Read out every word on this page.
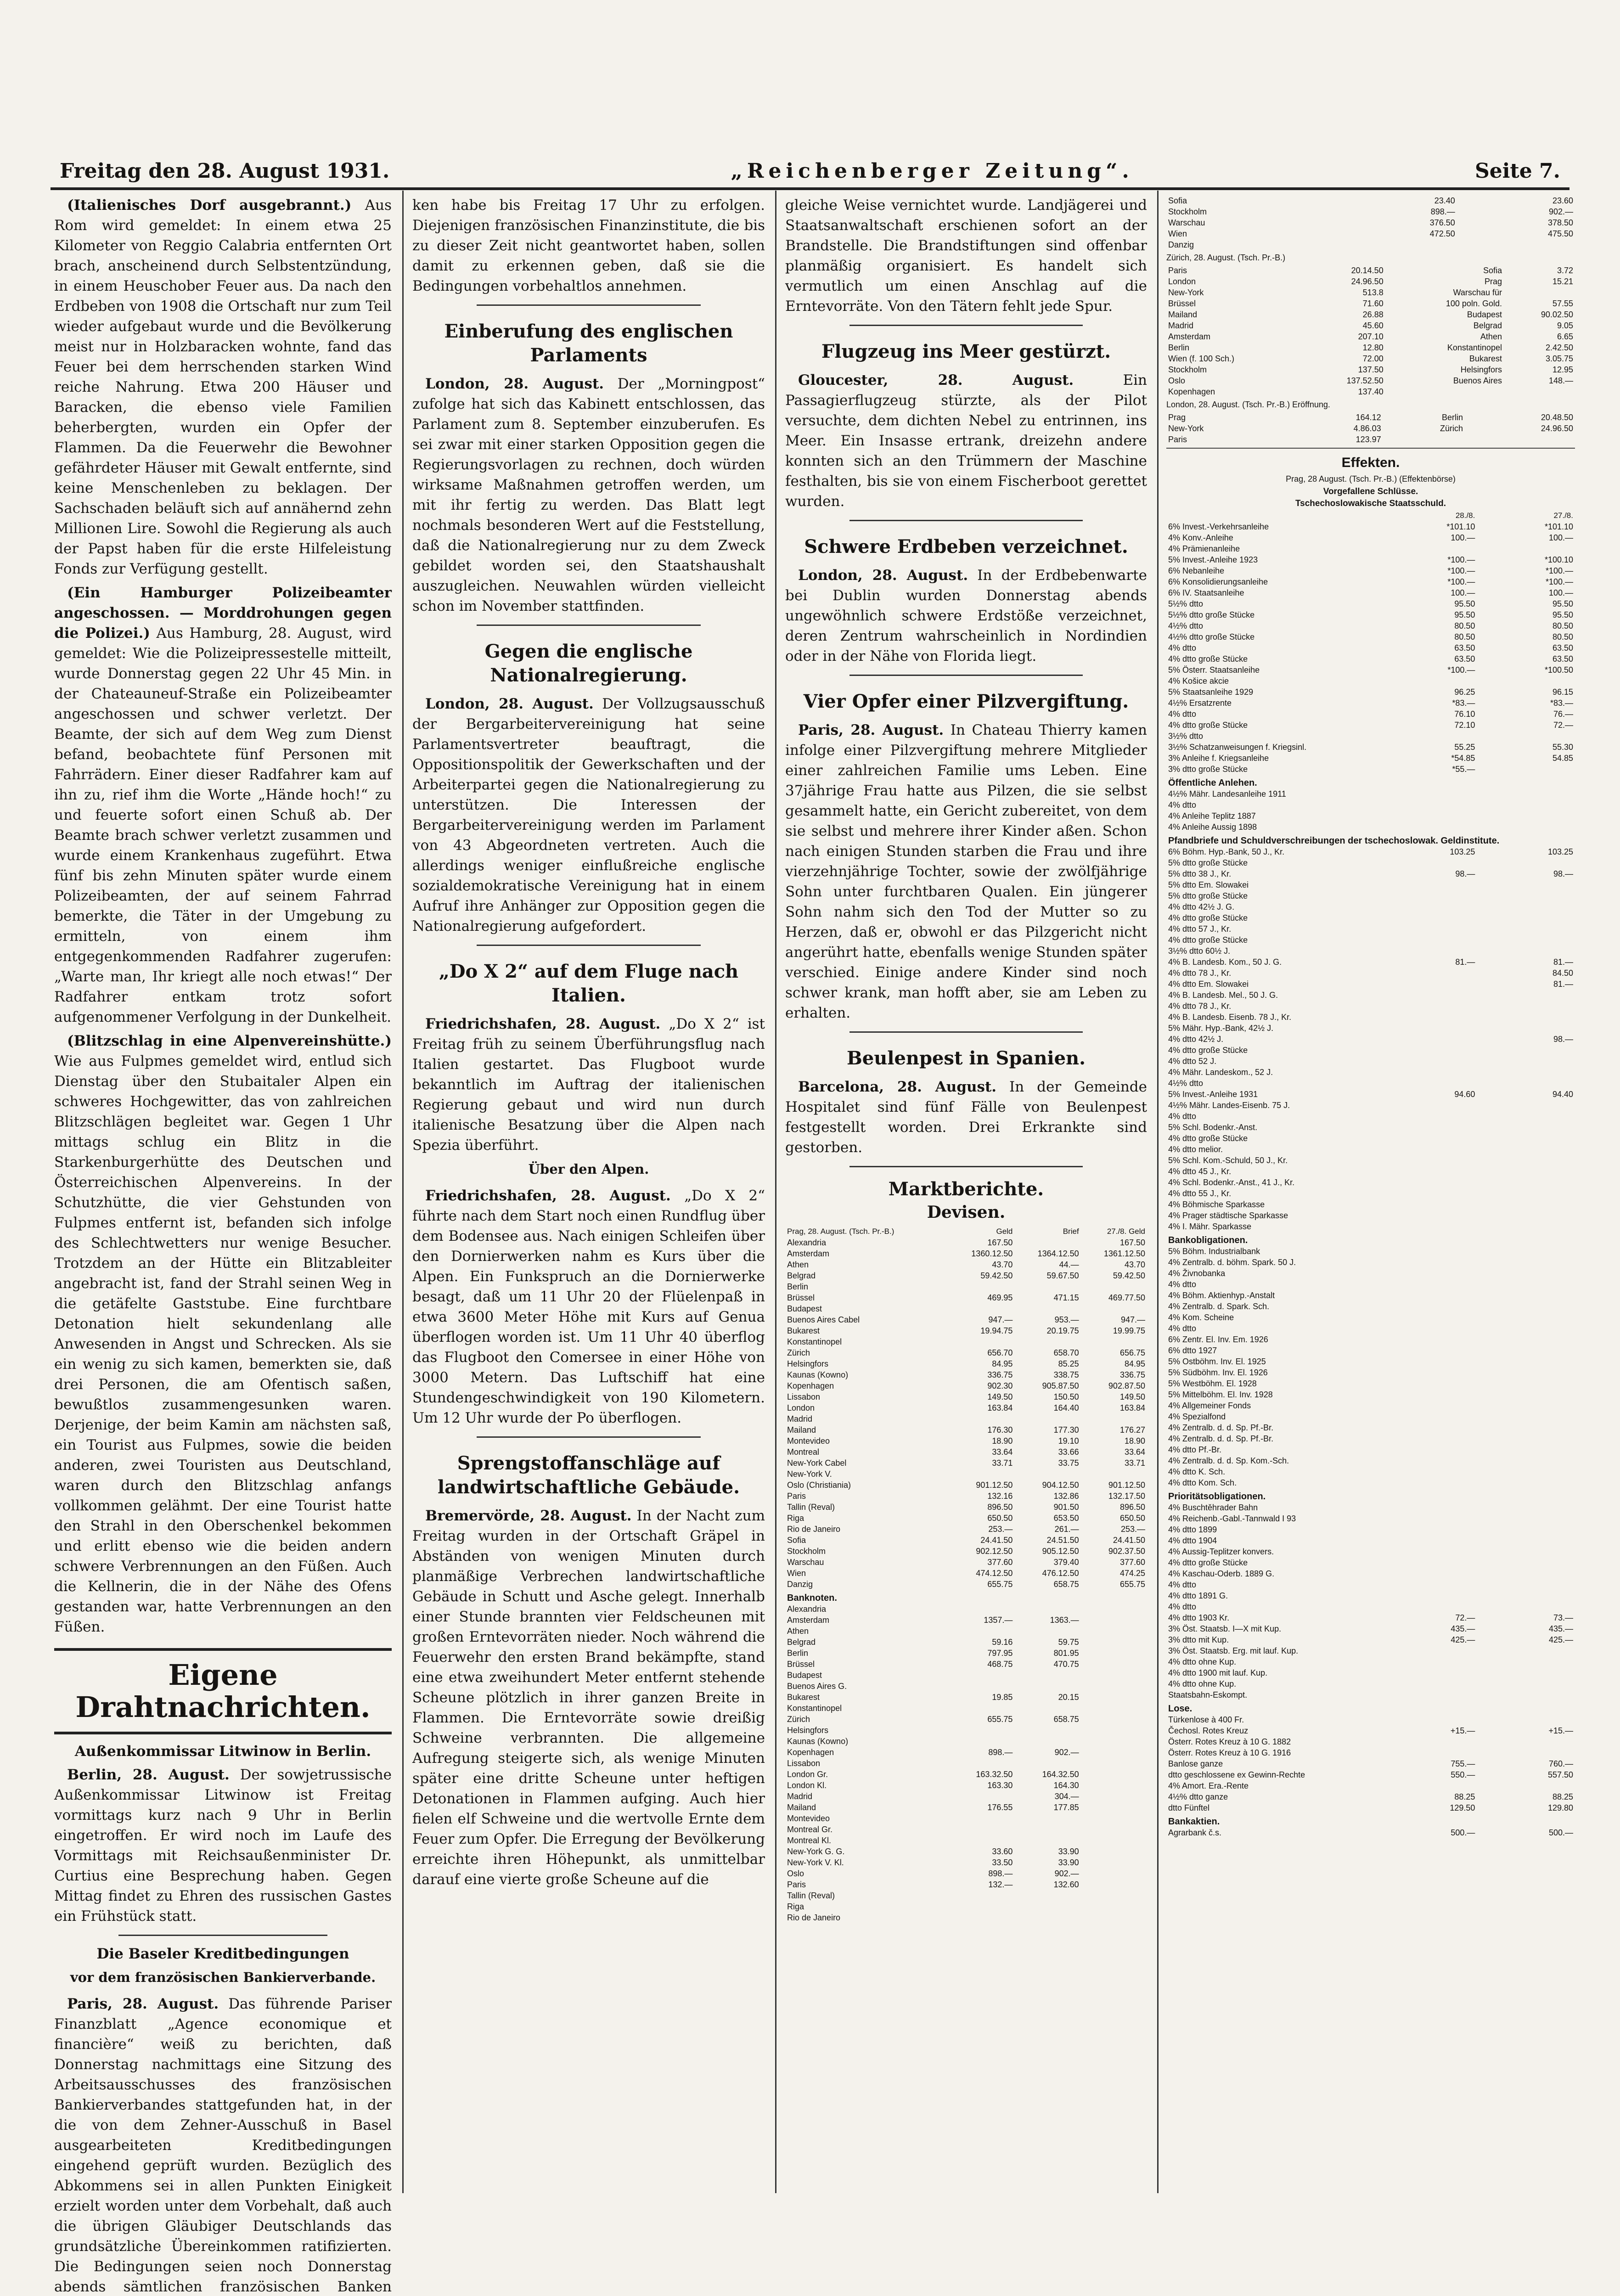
Freitag den 28. August 1931.	„Reichenberger Zeitung“.	Seite 7.

(Italienisches Dorf ausgebrannt.) Aus Rom wird gemeldet: In einem etwa 25 Kilometer von Reggio Calabria entfernten Ort brach, anscheinend durch Selbstentzündung, in einem Heuschober Feuer aus. Da nach den Erdbeben von 1908 die Ortschaft nur zum Teil wieder aufgebaut wurde und die Bevölkerung meist nur in Holzbaracken wohnte, fand das Feuer bei dem herrschenden starken Wind reiche Nahrung. Etwa 200 Häuser und Baracken, die ebenso viele Familien beherbergten, wurden ein Opfer der Flammen. Da die Feuerwehr die Bewohner gefährdeter Häuser mit Gewalt entfernte, sind keine Menschenleben zu beklagen. Der Sachschaden beläuft sich auf annähernd zehn Millionen Lire. Sowohl die Regierung als auch der Papst haben für die erste Hilfeleistung Fonds zur Verfügung gestellt.

(Ein Hamburger Polizeibeamter angeschossen. — Morddrohungen gegen die Polizei.) Aus Hamburg, 28. August, wird gemeldet: Wie die Polizeipressestelle mitteilt, wurde Donnerstag gegen 22 Uhr 45 Min. in der Chateauneuf-Straße ein Polizeibeamter angeschossen und schwer verletzt. Der Beamte, der sich auf dem Weg zum Dienst befand, beobachtete fünf Personen mit Fahrrädern. Einer dieser Radfahrer kam auf ihn zu, rief ihm die Worte „Hände hoch!“ zu und feuerte sofort einen Schuß ab. Der Beamte brach schwer verletzt zusammen und wurde einem Krankenhaus zugeführt. Etwa fünf bis zehn Minuten später wurde einem Polizeibeamten, der auf seinem Fahrrad bemerkte, die Täter in der Umgebung zu ermitteln, von einem ihm entgegenkommenden Radfahrer zugerufen: „Warte man, Ihr kriegt alle noch etwas!“ Der Radfahrer entkam trotz sofort aufgenommener Verfolgung in der Dunkelheit.

(Blitzschlag in eine Alpenvereinshütte.) Wie aus Fulpmes gemeldet wird, entlud sich Dienstag über den Stubaitaler Alpen ein schweres Hochgewitter, das von zahlreichen Blitzschlägen begleitet war. Gegen 1 Uhr mittags schlug ein Blitz in die Starkenburgerhütte des Deutschen und Österreichischen Alpenvereins. In der Schutzhütte, die vier Gehstunden von Fulpmes entfernt ist, befanden sich infolge des Schlechtwetters nur wenige Besucher. Trotzdem an der Hütte ein Blitzableiter angebracht ist, fand der Strahl seinen Weg in die getäfelte Gaststube. Eine furchtbare Detonation hielt sekundenlang alle Anwesenden in Angst und Schrecken. Als sie ein wenig zu sich kamen, bemerkten sie, daß drei Personen, die am Ofentisch saßen, bewußtlos zusammengesunken waren. Derjenige, der beim Kamin am nächsten saß, ein Tourist aus Fulpmes, sowie die beiden anderen, zwei Touristen aus Deutschland, waren durch den Blitzschlag anfangs vollkommen gelähmt. Der eine Tourist hatte den Strahl in den Oberschenkel bekommen und erlitt ebenso wie die beiden andern schwere Verbrennungen an den Füßen. Auch die Kellnerin, die in der Nähe des Ofens gestanden war, hatte Verbrennungen an den Füßen.

Eigene Drahtnachrichten.
Außenkommissar Litwinow in Berlin.

Berlin, 28. August. Der sowjetrussische Außenkommissar Litwinow ist Freitag vormittags kurz nach 9 Uhr in Berlin eingetroffen. Er wird noch im Laufe des Vormittags mit Reichsaußenminister Dr. Curtius eine Besprechung haben. Gegen Mittag findet zu Ehren des russischen Gastes ein Frühstück statt.

Die Baseler Kreditbedingungen
vor dem französischen Bankierverbande.

Paris, 28. August. Das führende Pariser Finanzblatt „Agence economique et financière“ weiß zu berichten, daß Donnerstag nachmittags eine Sitzung des Arbeitsausschusses des französischen Bankierverbandes stattgefunden hat, in der die von dem Zehner-Ausschuß in Basel ausgearbeiteten Kreditbedingungen eingehend geprüft wurden. Bezüglich des Abkommens sei in allen Punkten Einigkeit erzielt worden unter dem Vorbehalt, daß auch die übrigen Gläubiger Deutschlands das grundsätzliche Übereinkommen ratifizierten. Die Bedingungen seien noch Donnerstag abends sämtlichen französischen Banken

ken habe bis Freitag 17 Uhr zu erfolgen. Diejenigen französischen Finanzinstitute, die bis zu dieser Zeit nicht geantwortet haben, sollen damit zu erkennen geben, daß sie die Bedingungen vorbehaltlos annehmen.

Einberufung des englischen Parlaments

London, 28. August. Der „Morningpost“ zufolge hat sich das Kabinett entschlossen, das Parlament zum 8. September einzuberufen. Es sei zwar mit einer starken Opposition gegen die Regierungsvorlagen zu rechnen, doch würden wirksame Maßnahmen getroffen werden, um mit ihr fertig zu werden. Das Blatt legt nochmals besonderen Wert auf die Feststellung, daß die Nationalregierung nur zu dem Zweck gebildet worden sei, den Staatshaushalt auszugleichen. Neuwahlen würden vielleicht schon im November stattfinden.

Gegen die englische Nationalregierung.

London, 28. August. Der Vollzugsausschuß der Bergarbeitervereinigung hat seine Parlamentsvertreter beauftragt, die Oppositionspolitik der Gewerkschaften und der Arbeiterpartei gegen die Nationalregierung zu unterstützen. Die Interessen der Bergarbeitervereinigung werden im Parlament von 43 Abgeordneten vertreten. Auch die allerdings weniger einflußreiche englische sozialdemokratische Vereinigung hat in einem Aufruf ihre Anhänger zur Opposition gegen die Nationalregierung aufgefordert.

„Do X 2“ auf dem Fluge nach Italien.

Friedrichshafen, 28. August. „Do X 2“ ist Freitag früh zu seinem Überführungsflug nach Italien gestartet. Das Flugboot wurde bekanntlich im Auftrag der italienischen Regierung gebaut und wird nun durch italienische Besatzung über die Alpen nach Spezia überführt.

Über den Alpen.

Friedrichshafen, 28. August. „Do X 2“ führte nach dem Start noch einen Rundflug über dem Bodensee aus. Nach einigen Schleifen über den Dornierwerken nahm es Kurs über die Alpen. Ein Funkspruch an die Dornierwerke besagt, daß um 11 Uhr 20 der Flüelenpaß in etwa 3600 Meter Höhe mit Kurs auf Genua überflogen worden ist. Um 11 Uhr 40 überflog das Flugboot den Comersee in einer Höhe von 3000 Metern. Das Luftschiff hat eine Stundengeschwindigkeit von 190 Kilometern. Um 12 Uhr wurde der Po überflogen.

Sprengstoffanschläge auf landwirtschaftliche Gebäude.

Bremervörde, 28. August. In der Nacht zum Freitag wurden in der Ortschaft Gräpel in Abständen von wenigen Minuten durch planmäßige Verbrechen landwirtschaftliche Gebäude in Schutt und Asche gelegt. Innerhalb einer Stunde brannten vier Feldscheunen mit großen Erntevorräten nieder. Noch während die Feuerwehr den ersten Brand bekämpfte, stand eine etwa zweihundert Meter entfernt stehende Scheune plötzlich in ihrer ganzen Breite in Flammen. Die Erntevorräte sowie dreißig Schweine verbrannten. Die allgemeine Aufregung steigerte sich, als wenige Minuten später eine dritte Scheune unter heftigen Detonationen in Flammen aufging. Auch hier fielen elf Schweine und die wertvolle Ernte dem Feuer zum Opfer. Die Erregung der Bevölkerung erreichte ihren Höhepunkt, als unmittelbar darauf eine vierte große Scheune auf die

gleiche Weise vernichtet wurde. Landjägerei und Staatsanwaltschaft erschienen sofort an der Brandstelle. Die Brandstiftungen sind offenbar planmäßig organisiert. Es handelt sich vermutlich um einen Anschlag auf die Erntevorräte. Von den Tätern fehlt jede Spur.

Flugzeug ins Meer gestürzt.

Gloucester, 28. August.	Ein Passagierflugzeug stürzte, als der Pilot versuchte, dem dichten Nebel zu entrinnen, ins Meer. Ein Insasse ertrank, dreizehn andere konnten sich an den Trümmern der Maschine festhalten, bis sie von einem Fischerboot gerettet wurden.

Schwere Erdbeben verzeichnet.

London, 28. August. In der Erdbebenwarte bei Dublin wurden Donnerstag abends ungewöhnlich schwere Erdstöße verzeichnet, deren Zentrum wahrscheinlich in Nordindien oder in der Nähe von Florida liegt.

Vier Opfer einer Pilzvergiftung.

Paris, 28. August. In Chateau Thierry kamen infolge einer Pilzvergiftung mehrere Mitglieder einer zahlreichen Familie ums Leben. Eine 37jährige Frau hatte aus Pilzen, die sie selbst gesammelt hatte, ein Gericht zubereitet, von dem sie selbst und mehrere ihrer Kinder aßen. Schon nach einigen Stunden starben die Frau und ihre vierzehnjährige Tochter, sowie der zwölfjährige Sohn unter furchtbaren Qualen. Ein jüngerer Sohn nahm sich den Tod der Mutter so zu Herzen, daß er, obwohl er das Pilzgericht nicht angerührt hatte, ebenfalls wenige Stunden später verschied. Einige andere Kinder sind noch schwer krank, man hofft aber, sie am Leben zu erhalten.

Beulenpest in Spanien.

Barcelona, 28. August. In der Gemeinde Hospitalet sind fünf Fälle von Beulenpest festgestellt worden. Drei Erkrankte sind gestorben.

Marktberichte.
Devisen.
Prag, 28. August. (Tsch. Pr.-B.)	Geld	Brief	27./8. Geld
Alexandria	167.50		167.50
Amsterdam	1360.12.50	1364.12.50	1361.12.50
Athen	43.70	44.—	43.70
Belgrad	59.42.50	59.67.50	59.42.50
Berlin			
Brüssel	469.95	471.15	469.77.50
Budapest			
Buenos Aires Cabel	947.—	953.—	947.—
Bukarest	19.94.75	20.19.75	19.99.75
Konstantinopel			
Zürich	656.70	658.70	656.75
Helsingfors	84.95	85.25	84.95
Kaunas (Kowno)	336.75	338.75	336.75
Kopenhagen	902.30	905.87.50	902.87.50
Lissabon	149.50	150.50	149.50
London	163.84	164.40	163.84
Madrid			
Mailand	176.30	177.30	176.27
Montevideo	18.90	19.10	18.90
Montreal	33.64	33.66	33.64
New-York Cabel	33.71	33.75	33.71
New-York V.			
Oslo (Christiania)	901.12.50	904.12.50	901.12.50
Paris	132.16	132.86	132.17.50
Tallin (Reval)	896.50	901.50	896.50
Riga	650.50	653.50	650.50
Rio de Janeiro	253.—	261.—	253.—
Sofia	24.41.50	24.51.50	24.41.50
Stockholm	902.12.50	905.12.50	902.37.50
Warschau	377.60	379.40	377.60
Wien	474.12.50	476.12.50	474.25
Danzig	655.75	658.75	655.75
Banknoten.			
Alexandria			
Amsterdam	1357.—	1363.—	
Athen			
Belgrad	59.16	59.75	
Berlin	797.95	801.95	
Brüssel	468.75	470.75	
Budapest			
Buenos Aires G.			
Bukarest	19.85	20.15	
Konstantinopel			
Zürich	655.75	658.75	
Helsingfors			
Kaunas (Kowno)			
Kopenhagen	898.—	902.—	
Lissabon			
London Gr.	163.32.50	164.32.50	
London Kl.	163.30	164.30	
Madrid		304.—	
Mailand	176.55	177.85	
Montevideo			
Montreal Gr.			
Montreal Kl.			
New-York G. G.	33.60	33.90	
New-York V. Kl.	33.50	33.90	
Oslo	898.—	902.—	
Paris	132.—	132.60	
Tallin (Reval)			
Riga			
Rio de Janeiro			
Sofia	23.40	23.60
Stockholm	898.—	902.—
Warschau	376.50	378.50
Wien	472.50	475.50
Danzig		
Zürich, 28. August. (Tsch. Pr.-B.)
Paris	20.14.50	Sofia	3.72
London	24.96.50	Prag	15.21
New-York	513.8	Warschau für	
Brüssel	71.60	100 poln. Gold.	57.55
Mailand	26.88	Budapest	90.02.50
Madrid	45.60	Belgrad	9.05
Amsterdam	207.10	Athen	6.65
Berlin	12.80	Konstantinopel	2.42.50
Wien (f. 100 Sch.)	72.00	Bukarest	3.05.75
Stockholm	137.50	Helsingfors	12.95
Oslo	137.52.50	Buenos Aires	148.—
Kopenhagen	137.40		
London, 28. August. (Tsch. Pr.-B.) Eröffnung.
Prag	164.12	Berlin	20.48.50
New-York	4.86.03	Zürich	24.96.50
Paris	123.97		
Effekten.
Prag, 28 August. (Tsch. Pr.-B.) (Effektenbörse)
Vorgefallene Schlüsse.
Tschechoslowakische Staatsschuld.
	28./8.	27./8.
6% Invest.-Verkehrsanleihe	*101.10	*101.10
4% Konv.-Anleihe	100.—	100.—
4% Prämienanleihe		
5% Invest.-Anleihe 1923	*100.—	*100.10
6% Nebanleihe	*100.—	*100.—
6% Konsolidierungsanleihe	*100.—	*100.—
6% IV. Staatsanleihe	100.—	100.—
5½% dtto	95.50	95.50
5½% dtto große Stücke	95.50	95.50
4½% dtto	80.50	80.50
4½% dtto große Stücke	80.50	80.50
4% dtto	63.50	63.50
4% dtto große Stücke	63.50	63.50
5% Österr. Staatsanleihe	*100.—	*100.50
4% Košice akcie		
5% Staatsanleihe 1929	96.25	96.15
4½% Ersatzrente	*83.—	*83.—
4% dtto	76.10	76.—
4% dtto große Stücke	72.10	72.—
3½% dtto		
3½% Schatzanweisungen f. Kriegsinl.	55.25	55.30
3% Anleihe f. Kriegsanleihe	*54.85	54.85
3% dtto große Stücke	*55.—	
Öffentliche Anlehen.		
4½% Mähr. Landesanleihe 1911		
4% dtto		
4% Anleihe Teplitz 1887		
4% Anleihe Aussig 1898		
Pfandbriefe und Schuldverschreibungen der tschechoslowak. Geldinstitute.		
6% Böhm. Hyp.-Bank, 50 J., Kr.	103.25	103.25
5% dtto große Stücke		
5% dtto 38 J., Kr.	98.—	98.—
5% dtto Em. Slowakei		
5% dtto große Stücke		
4% dtto 42½ J. G.		
4% dtto große Stücke		
4% dtto 57 J., Kr.		
4% dtto große Stücke		
3½% dtto 60½ J.		
4% B. Landesb. Kom., 50 J. G.	81.—	81.—
4% dtto 78 J., Kr.		84.50
4% dtto Em. Slowakei		81.—
4% B. Landesb. Mel., 50 J. G.		
4% dtto 78 J., Kr.		
4% B. Landesb. Eisenb. 78 J., Kr.		
5% Mähr. Hyp.-Bank, 42½ J.		
4% dtto 42½ J.		98.—
4% dtto große Stücke		
4% dtto 52 J.		
4% Mähr. Landeskom., 52 J.		
4½% dtto		
5% Invest.-Anleihe 1931	94.60	94.40
4½% Mähr. Landes-Eisenb. 75 J.		
4% dtto		
5% Schl. Bodenkr.-Anst.		
4% dtto große Stücke		
4% dtto melior.		
5% Schl. Kom.-Schuld, 50 J., Kr.		
4% dtto 45 J., Kr.		
4% Schl. Bodenkr.-Anst., 41 J., Kr.		
4% dtto 55 J., Kr.		
4% Böhmische Sparkasse		
4% Prager städtische Sparkasse		
4% I. Mähr. Sparkasse		
Bankobligationen.		
5% Böhm. Industrialbank		
4% Zentralb. d. böhm. Spark. 50 J.		
4% Živnobanka		
4% dtto		
4% Böhm. Aktienhyp.-Anstalt		
4% Zentralb. d. Spark. Sch.		
4% Kom. Scheine		
4% dtto		
6% Zentr. El. Inv. Em. 1926		
6% dtto 1927		
5% Ostböhm. Inv. El. 1925		
5% Südböhm. Inv. El. 1926		
5% Westböhm. El. 1928		
5% Mittelböhm. El. Inv. 1928		
4% Allgemeiner Fonds		
4% Spezialfond		
4% Zentralb. d. d. Sp. Pf.-Br.		
4% Zentralb. d. d. Sp. Pf.-Br.		
4% dtto Pf.-Br.		
4% Zentralb. d. d. Sp. Kom.-Sch.		
4% dtto K. Sch.		
4% dtto Kom. Sch.		
Prioritätsobligationen.		
4% Buschtěhrader Bahn		
4% Reichenb.-Gabl.-Tannwald I 93		
4% dtto 1899		
4% dtto 1904		
4% Aussig-Teplitzer konvers.		
4% dtto große Stücke		
4% Kaschau-Oderb. 1889 G.		
4% dtto		
4% dtto 1891 G.		
4% dtto		
4% dtto 1903 Kr.	72.—	73.—
3% Öst. Staatsb. I—X mit Kup.	435.—	435.—
3% dtto mit Kup.	425.—	425.—
3% Öst. Staatsb. Erg. mit lauf. Kup.		
4% dtto ohne Kup.		
4% dtto 1900 mit lauf. Kup.		
4% dtto ohne Kup.		
Staatsbahn-Eskompt.		
Lose.		
Türkenlose à 400 Fr.		
Čechosl. Rotes Kreuz	+15.—	+15.—
Österr. Rotes Kreuz à 10 G. 1882		
Österr. Rotes Kreuz à 10 G. 1916		
Banlose ganze	755.—	760.—
dtto geschlossene ex Gewinn-Rechte	550.—	557.50
4% Amort. Era.-Rente		
4½% dtto ganze	88.25	88.25
dtto Fünftel	129.50	129.80
Bankaktien.		
Agrarbank č.s.	500.—	500.—
